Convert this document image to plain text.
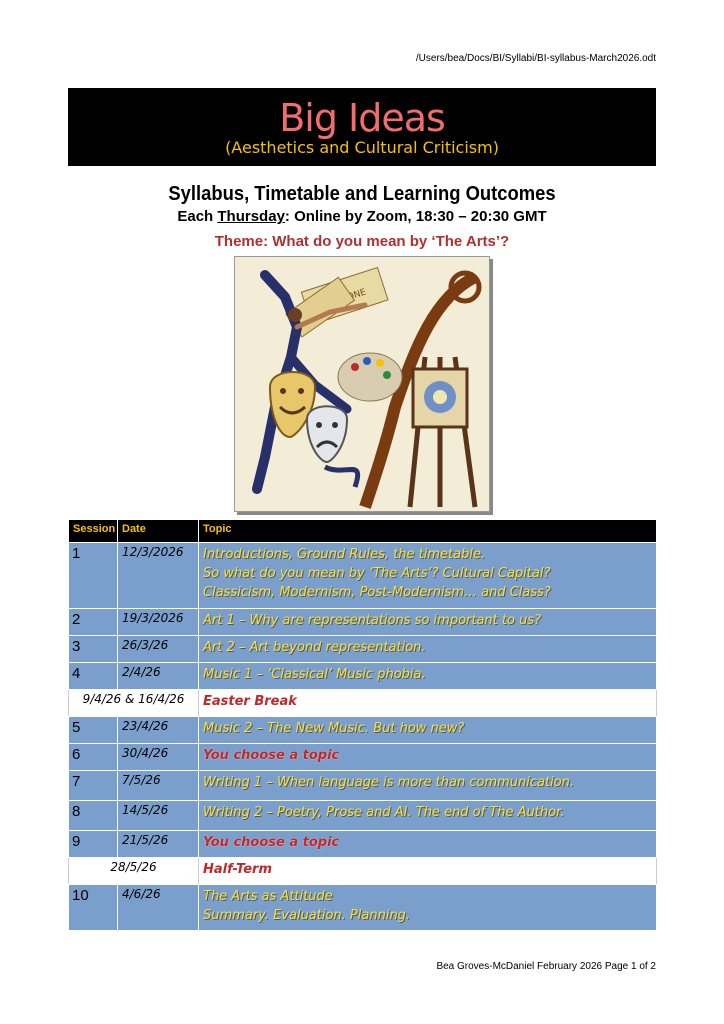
/Users/bea/Docs/BI/Syllabi/BI-syllabus-March2026.odt
Big Ideas
(Aesthetics and Cultural Criticism)
Syllabus, Timetable and Learning Outcomes
Each Thursday: Online by Zoom, 18:30 – 20:30 GMT
Theme: What do you mean by ‘The Arts’?
ONE
Session	Date	Topic
1	12/3/2026	Introductions, Ground Rules, the timetable.
So what do you mean by ‘The Arts’? Cultural Capital?
Classicism, Modernism, Post-Modernism… and Class?

2	19/3/2026	Art 1 – Why are representations so important to us?

3	26/3/26	Art 2 – Art beyond representation.

4	2/4/26	Music 1 – ‘Classical’ Music phobia.

9/4/26 & 16/4/26		Easter Break
5	23/4/26	Music 2 – The New Music. But how new?

6	30/4/26	You choose a topic

7	7/5/26	Writing 1 – When language is more than communication.

8	14/5/26	Writing 2 – Poetry, Prose and AI. The end of The Author.

9	21/5/26	You choose a topic

28/5/26		Half-Term
10	4/6/26	The Arts as Attitude
Summary. Evaluation. Planning.
Bea Groves-McDaniel February 2026 Page 1 of 2
